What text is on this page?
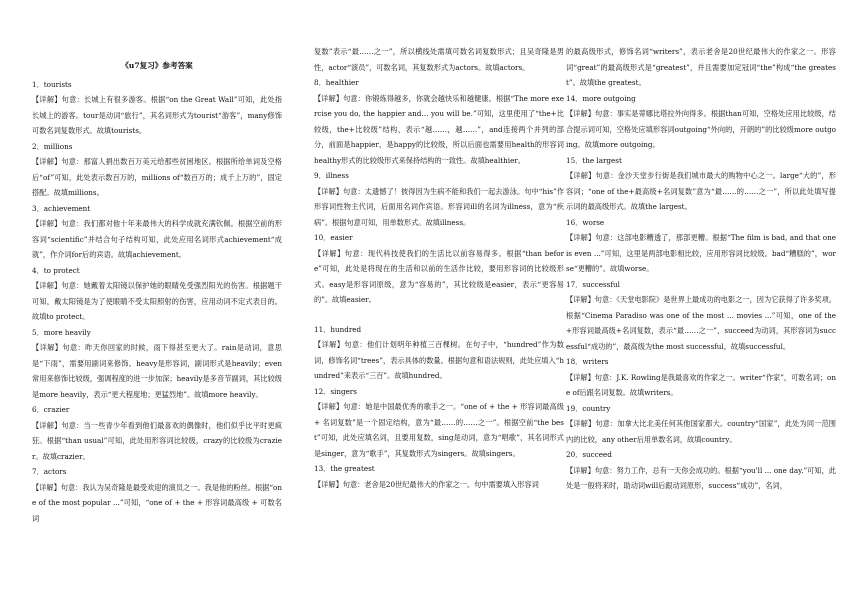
《u7复习》参考答案
1．tourists
【详解】句意：长城上有很多游客。根据“on the Great Wall”可知，此处指长城上的游客。tour是动词“旅行”，其名词形式为tourist“游客”，many修饰可数名词复数形式。故填tourists。
2．millions
【详解】句意：那富人捐出数百万美元给那些贫困地区。根据所给单词及空格后“of”可知，此处表示数百万的，millions of“数百万的；成千上万的”，固定搭配。故填millions。
3．achievement
【详解】句意：我们都对他十年来最伟大的科学成就充满钦佩。根据空前的形容词“scientific”并结合句子结构可知，此处应用名词形式achievement“成就”，作介词for后的宾语。故填achievement。
4．to protect
【详解】句意：她戴着太阳镜以保护她的眼睛免受强烈阳光的伤害。根据题干可知，戴太阳镜是为了使眼睛不受太阳照射的伤害，应用动词不定式表目的。故填to protect。
5．more heavily
【详解】句意：昨天你回家的时候，雨下得甚至更大了。rain是动词，意思是“下雨”，需要用副词来修饰。heavy是形容词，副词形式是heavily；even常用来修饰比较级，强调程度的进一步加深；heavily是多音节副词，其比较级是more heavily，表示“更大程度地；更猛烈地”。故填more heavily。
6．crazier
【详解】句意：当一些青少年看到他们最喜欢的偶像时，他们似乎比平时更疯狂。根据“than usual”可知，此处用形容词比较级，crazy的比较级为crazier。故填crazier。
7．actors
【详解】句意：我认为吴奇隆是最受欢迎的演员之一。我是他的粉丝。根据“one of the most popular ...”可知，“one of + the + 形容词最高级 + 可数名词
复数”表示“最……之一”，所以横线处需填可数名词复数形式；且吴奇隆是男性，actor“演员”，可数名词，其复数形式为actors。故填actors。
8．healthier
【详解】句意：你锻炼得越多，你就会越快乐和越健康。根据“The more exercise you do, the happier and… you will be.”可知，这里使用了“the+比较级，the+比较级”结构，表示“越……，越……”，and连接两个并列的部分，前面是happier，是happy的比较级，所以后面也需要用health的形容词healthy形式的比较级形式来保持结构的一致性。故填healthier。
9．illness
【详解】句意：太遗憾了！彼得因为生病不能和我们一起去游泳。句中“his”作形容词性物主代词，后面用名词作宾语。形容词ill的名词为illness，意为“疾病”。根据句意可知，用单数形式。故填illness。
10．easier
【详解】句意：现代科技使我们的生活比以前容易得多。根据“than before”可知，此处是将现在的生活和以前的生活作比较，要用形容词的比较级形式。easy是形容词原级，意为“容易的”，其比较级是easier，表示“更容易的”。故填easier。
11．hundred
【详解】句意：他们计划明年种植三百棵树。在句子中，“hundred”作为数词，修饰名词“trees”，表示具体的数量。根据句意和语法规则，此处应填入“hundred”来表示“三百”。故填hundred。
12．singers
【详解】句意：她是中国最优秀的歌手之一。“one of + the + 形容词最高级 + 名词复数”是一个固定结构，意为“最……的……之一”。根据空前“the best”可知，此处应填名词，且要用复数，sing是动词，意为“唱歌”，其名词形式是singer，意为“歌手”，其复数形式为singers。故填singers。
13．the greatest
【详解】句意：老舍是20世纪最伟大的作家之一。句中需要填入形容词
的最高级形式，修饰名词“writers”，表示老舍是20世纪最伟大的作家之一。形容词“great”的最高级形式是“greatest”，并且需要加定冠词“the”构成“the greatest”。故填the greatest。
14．more outgoing
【详解】句意：事实是蒂娜比塔拉外向得多。根据than可知，空格处应用比较级，结合提示词可知，空格处应填形容词outgoing“外向的，开朗的”的比较级more outgoing。故填more outgoing。
15．the largest
【详解】句意：金沙天堂步行街是我们城市最大的购物中心之一。large“大的”，形容词；“one of the+最高级+名词复数”意为“最……的……之一”，所以此处填写提示词的最高级形式。故填the largest。
16．worse
【详解】句意：这部电影糟透了，那部更糟。根据“The film is bad, and that one is even ...”可知，这里是两部电影相比较，应用形容词比较级。bad“糟糕的”，worse“更糟的”。故填worse。
17．successful
【详解】句意：《天堂电影院》是世界上最成功的电影之一，因为它获得了许多奖项。根据“Cinema Paradiso was one of the most ... movies ...”可知，one of the+形容词最高级+名词复数，表示“最……之一”，succeed为动词，其形容词为successful“成功的”，最高级为the most successful。故填successful。
18．writers
【详解】句意：J.K. Rowling是我最喜欢的作家之一。writer“作家”，可数名词；one of后跟名词复数。故填writers。
19．country
【详解】句意：加拿大比北美任何其他国家都大。country“国家”，此处为同一范围内的比较，any other后用单数名词，故填country。
20．succeed
【详解】句意：努力工作，总有一天你会成功的。根据“you'll ... one day.”可知，此处是一般将来时，助动词will后跟动词原形，success“成功”，名词，
